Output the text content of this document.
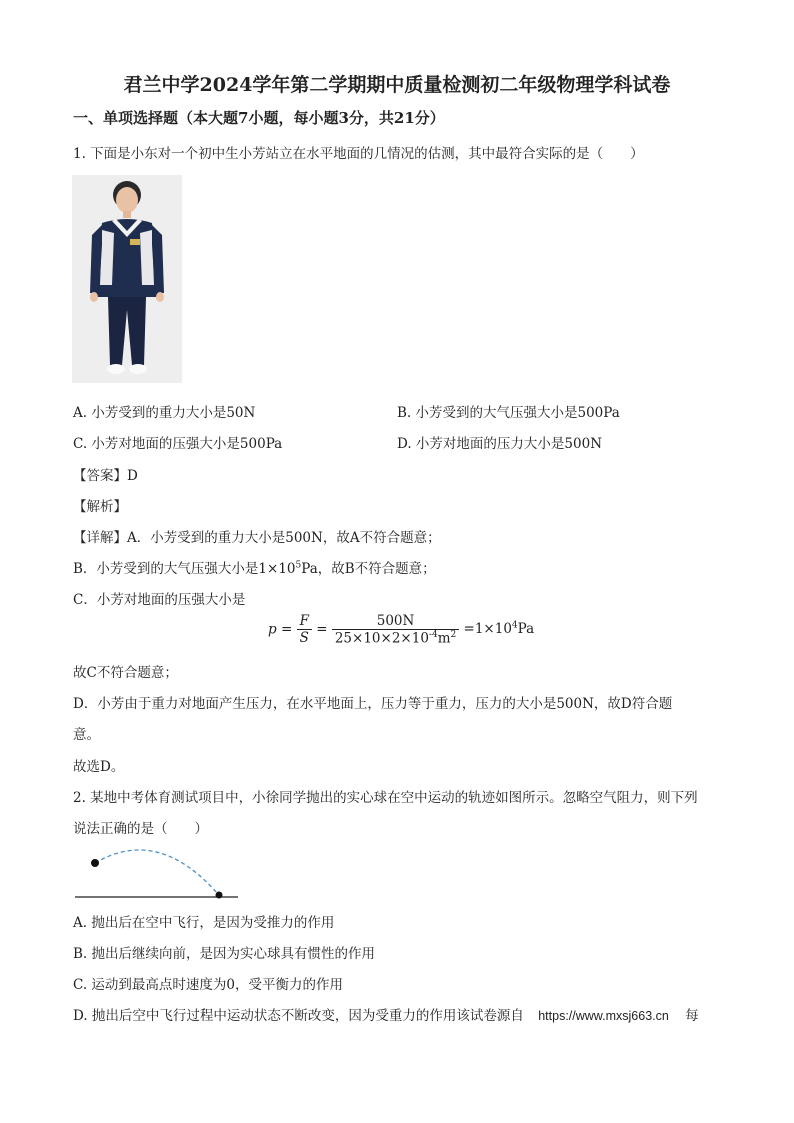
君兰中学2024学年第二学期期中质量检测初二年级物理学科试卷
一、单项选择题（本大题7小题，每小题3分，共21分）
1. 下面是小东对一个初中生小芳站立在水平地面的几情况的估测，其中最符合实际的是（　　）
A. 小芳受到的重力大小是50N	B. 小芳受到的大气压强大小是500Pa
C. 小芳对地面的压强大小是500Pa	D. 小芳对地面的压力大小是500N
【答案】D
【解析】
【详解】A．小芳受到的重力大小是500N，故A不符合题意；
B．小芳受到的大气压强大小是$1\times 10^5Pa$，故B不符合题意；
C．小芳对地面的压强大小是
$p = \frac{F}{S} = \frac{500N}{25\times 10\times 2\times 10^{-4}m^2} =1\times 10^4Pa$
故C不符合题意；
D．小芳由于重力对地面产生压力，在水平地面上，压力等于重力，压力的大小是500N，故D符合题
意。
故选D。
2. 某地中考体育测试项目中，小徐同学抛出的实心球在空中运动的轨迹如图所示。忽略空气阻力，则下列
说法正确的是（　　）
A. 抛出后在空中飞行，是因为受推力的作用
B. 抛出后继续向前，是因为实心球具有惯性的作用
C. 运动到最高点时速度为0，受平衡力的作用
D. 抛出后空中飞行过程中运动状态不断改变，因为受重力的作用该试卷源自 https://www.mxsj663.cn 每
